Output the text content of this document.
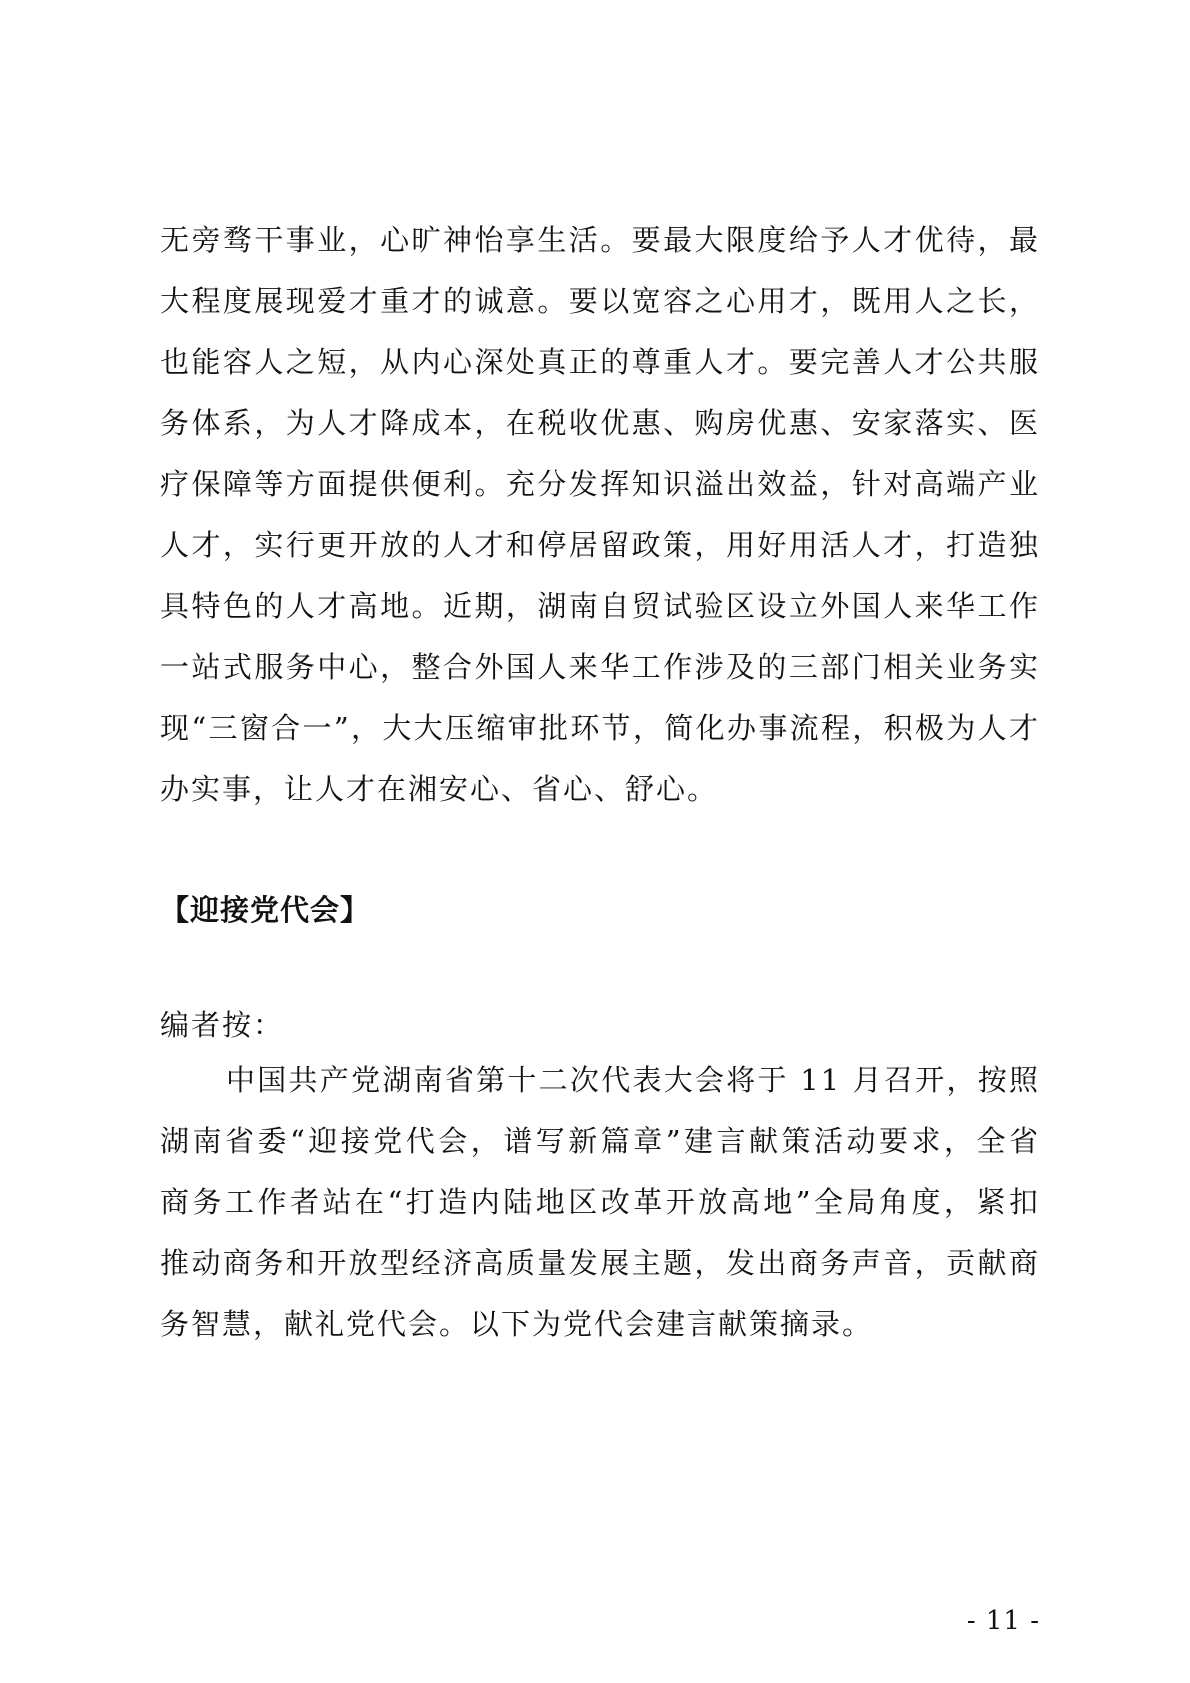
无旁骛干事业，心旷神怡享生活。要最大限度给予人才优待，最
大程度展现爱才重才的诚意。要以宽容之心用才，既用人之长，
也能容人之短，从内心深处真正的尊重人才。要完善人才公共服
务体系，为人才降成本，在税收优惠、购房优惠、安家落实、医
疗保障等方面提供便利。充分发挥知识溢出效益，针对高端产业
人才，实行更开放的人才和停居留政策，用好用活人才，打造独
具特色的人才高地。近期，湖南自贸试验区设立外国人来华工作
一站式服务中心，整合外国人来华工作涉及的三部门相关业务实
现“三窗合一”，大大压缩审批环节，简化办事流程，积极为人才
办实事，让人才在湘安心、省心、舒心。
【迎接党代会】
编者按：
中国共产党湖南省第十二次代表大会将于 11 月召开，按照
湖南省委“迎接党代会，谱写新篇章”建言献策活动要求，全省
商务工作者站在“打造内陆地区改革开放高地”全局角度，紧扣
推动商务和开放型经济高质量发展主题，发出商务声音，贡献商
务智慧，献礼党代会。以下为党代会建言献策摘录。
- 11 -
